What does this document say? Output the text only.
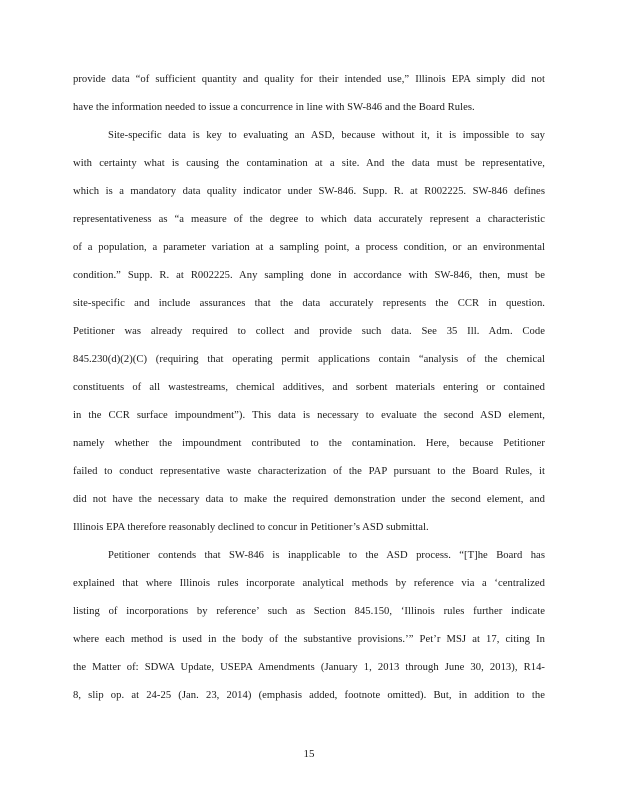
provide data “of sufficient quantity and quality for their intended use,” Illinois EPA simply did not
have the information needed to issue a concurrence in line with SW-846 and the Board Rules.
Site-specific data is key to evaluating an ASD, because without it, it is impossible to say
with certainty what is causing the contamination at a site. And the data must be representative,
which is a mandatory data quality indicator under SW-846. Supp. R. at R002225. SW-846 defines
representativeness as “a measure of the degree to which data accurately represent a characteristic
of a population, a parameter variation at a sampling point, a process condition, or an environmental
condition.” Supp. R. at R002225. Any sampling done in accordance with SW-846, then, must be
site-specific and include assurances that the data accurately represents the CCR in question.
Petitioner was already required to collect and provide such data. See 35 Ill. Adm. Code
845.230(d)(2)(C) (requiring that operating permit applications contain “analysis of the chemical
constituents of all wastestreams, chemical additives, and sorbent materials entering or contained
in the CCR surface impoundment”). This data is necessary to evaluate the second ASD element,
namely whether the impoundment contributed to the contamination. Here, because Petitioner
failed to conduct representative waste characterization of the PAP pursuant to the Board Rules, it
did not have the necessary data to make the required demonstration under the second element, and
Illinois EPA therefore reasonably declined to concur in Petitioner’s ASD submittal.
Petitioner contends that SW-846 is inapplicable to the ASD process. “[T]he Board has
explained that where Illinois rules incorporate analytical methods by reference via a ‘centralized
listing of incorporations by reference’ such as Section 845.150, ‘Illinois rules further indicate
where each method is used in the body of the substantive provisions.’” Pet’r MSJ at 17, citing In
the Matter of: SDWA Update, USEPA Amendments (January 1, 2013 through June 30, 2013), R14-
8, slip op. at 24-25 (Jan. 23, 2014) (emphasis added, footnote omitted). But, in addition to the
15
